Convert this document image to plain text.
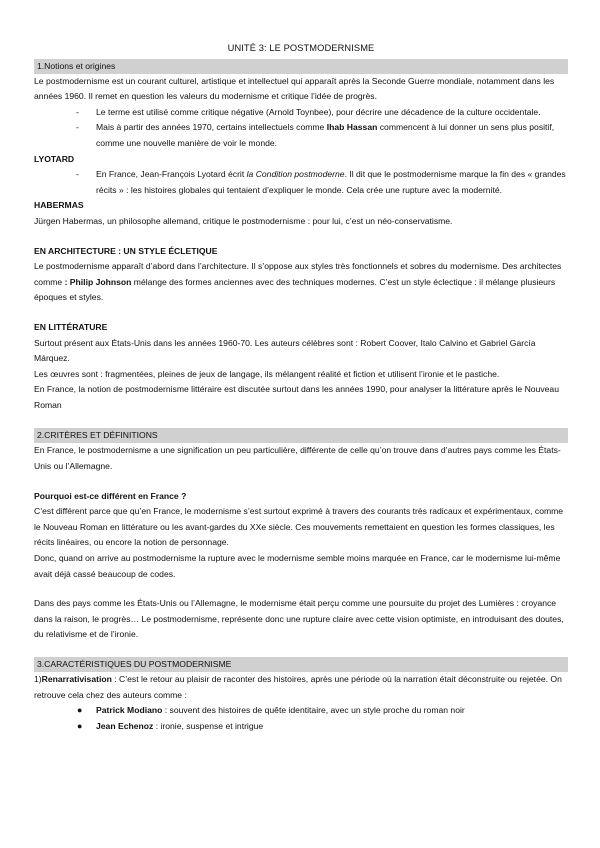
UNITÉ 3: LE POSTMODERNISME

1.Notions et origines

Le postmodernisme est un courant culturel, artistique et intellectuel qui apparaît après la Seconde Guerre mondiale, notamment dans les années 1960. Il remet en question les valeurs du modernisme et critique l’idée de progrès.

- Le terme est utilisé comme critique négative (Arnold Toynbee), pour décrire une décadence de la culture occidentale.
- Mais à partir des années 1970, certains intellectuels comme Ihab Hassan commencent à lui donner un sens plus positif, comme une nouvelle manière de voir le monde.

LYOTARD

- En France, Jean-François Lyotard écrit la Condition postmoderne. Il dit que le postmodernisme marque la fin des « grandes récits » : les histoires globales qui tentaient d’expliquer le monde. Cela crée une rupture avec la modernité.

HABERMAS

Jürgen Habermas, un philosophe allemand, critique le postmodernisme : pour lui, c’est un néo-conservatisme.

EN ARCHITECTURE : UN STYLE ÉCLETIQUE

Le postmodernisme apparaît d’abord dans l’architecture. Il s’oppose aux styles très fonctionnels et sobres du modernisme. Des architectes comme : Philip Johnson mélange des formes anciennes avec des techniques modernes. C’est un style éclectique : il mélange plusieurs époques et styles.

EN LITTÉRATURE

Surtout présent aux États-Unis dans les années 1960-70. Les auteurs célèbres sont : Robert Coover, Italo Calvino et Gabriel García Márquez.

Les œuvres sont : fragmentées, pleines de jeux de langage, ils mélangent réalité et fiction et utilisent l’ironie et le pastiche.

En France, la notion de postmodernisme littéraire est discutée surtout dans les années 1990, pour analyser la littérature après le Nouveau Roman

2.CRITÈRES ET DÉFINITIONS

En France, le postmodernisme a une signification un peu particulière, différente de celle qu’on trouve dans d’autres pays comme les États-Unis ou l’Allemagne.

Pourquoi est-ce différent en France ?

C’est différent parce que qu’en France, le modernisme s’est surtout exprimé à travers des courants très radicaux et expérimentaux, comme le Nouveau Roman en littérature ou les avant-gardes du XXe siècle. Ces mouvements remettaient en question les formes classiques, les récits linéaires, ou encore la notion de personnage.

Donc, quand on arrive au postmodernisme la rupture avec le modernisme semble moins marquée en France, car le modernisme lui-même avait déjà cassé beaucoup de codes.

Dans des pays comme les États-Unis ou l’Allemagne, le modernisme était perçu comme une poursuite du projet des Lumières : croyance dans la raison, le progrès… Le postmodernisme, représente donc une rupture claire avec cette vision optimiste, en introduisant des doutes, du relativisme et de l’ironie.

3.CARACTÉRISTIQUES DU POSTMODERNISME

1)Renarrativisation : C’est le retour au plaisir de raconter des histoires, après une période où la narration était déconstruite ou rejetée. On retrouve cela chez des auteurs comme :

● Patrick Modiano : souvent des histoires de quête identitaire, avec un style proche du roman noir
● Jean Echenoz : ironie, suspense et intrigue
